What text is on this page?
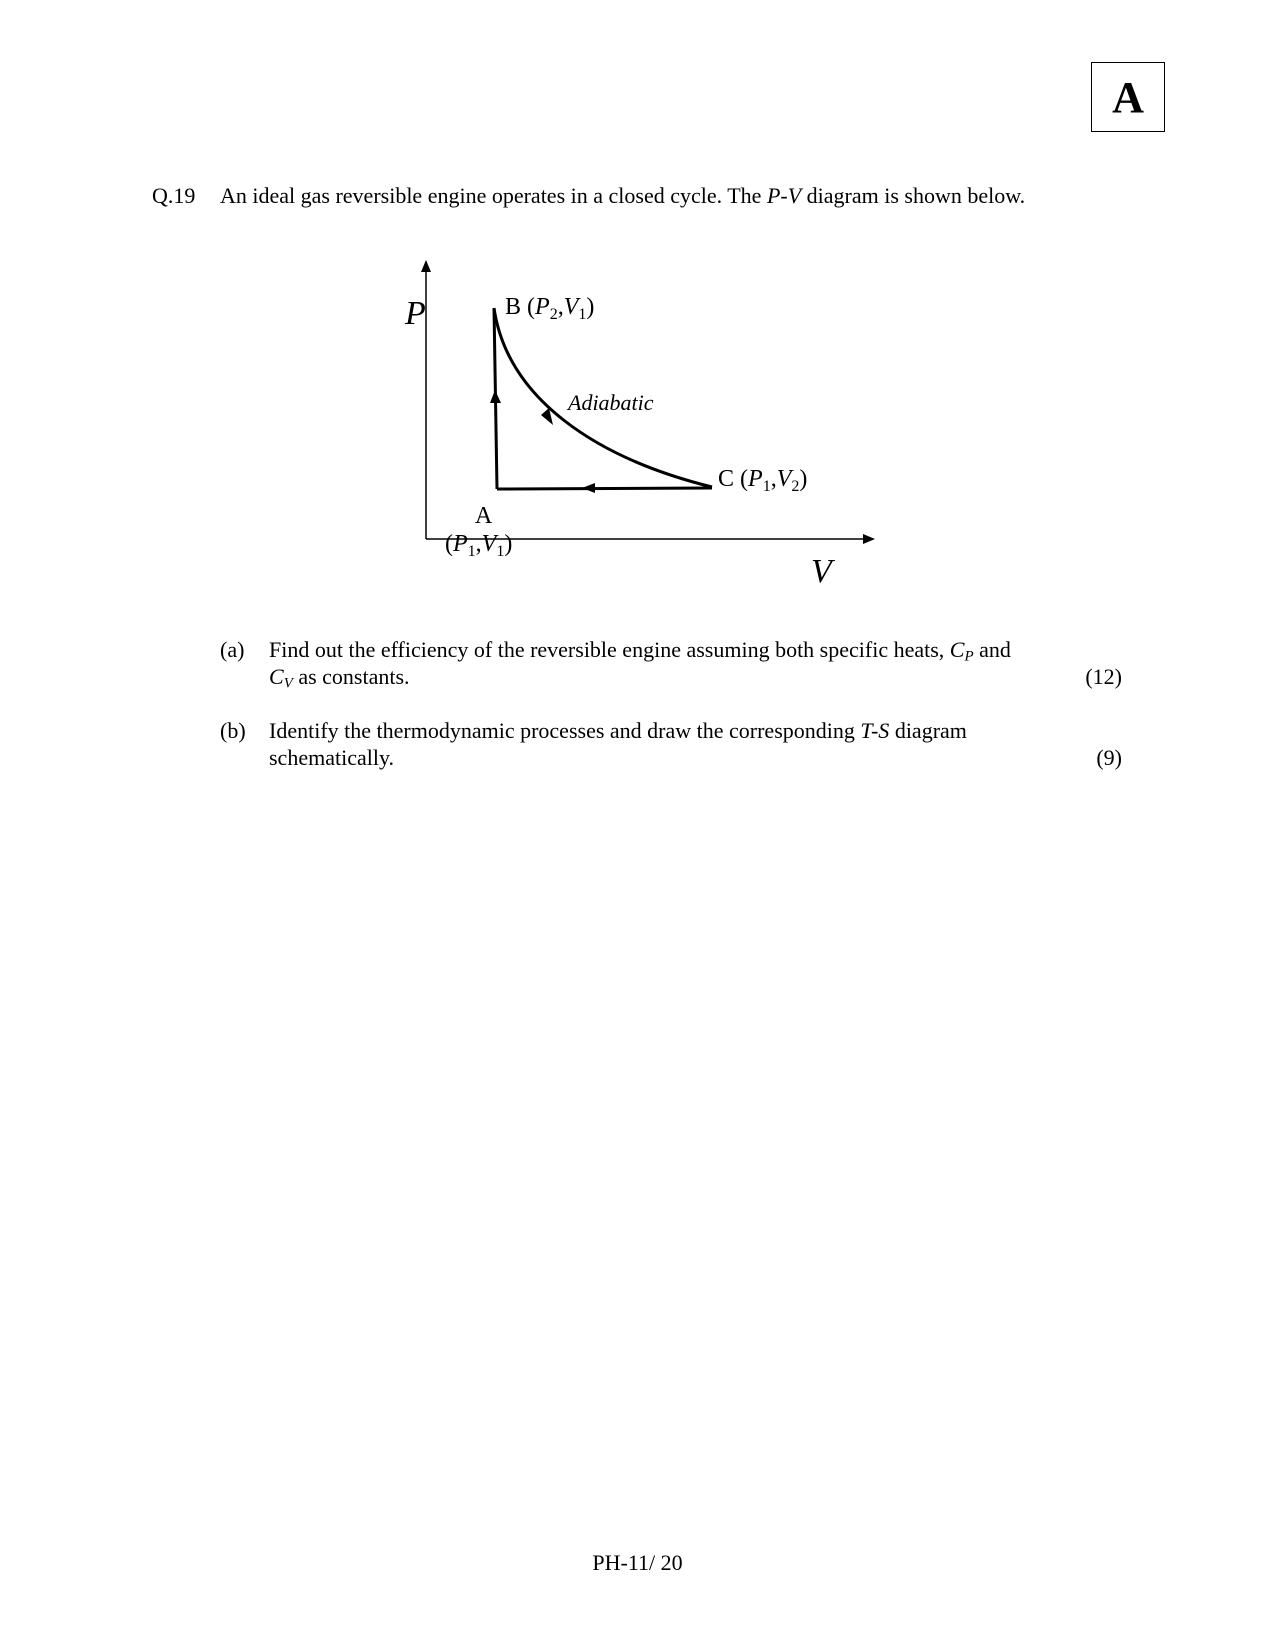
A
Q.19 An ideal gas reversible engine operates in a closed cycle. The P-V diagram is shown below.
P
V
B $(P_2,V_1)$
Adiabatic
C $(P_1,V_2)$
A
$(P_1,V_1)$
(a) Find out the efficiency of the reversible engine assuming both specific heats, $C_P$ and $C_V$ as constants.	(12)
(b) Identify the thermodynamic processes and draw the corresponding T-S diagram schematically.	(9)
PH-11/ 20
